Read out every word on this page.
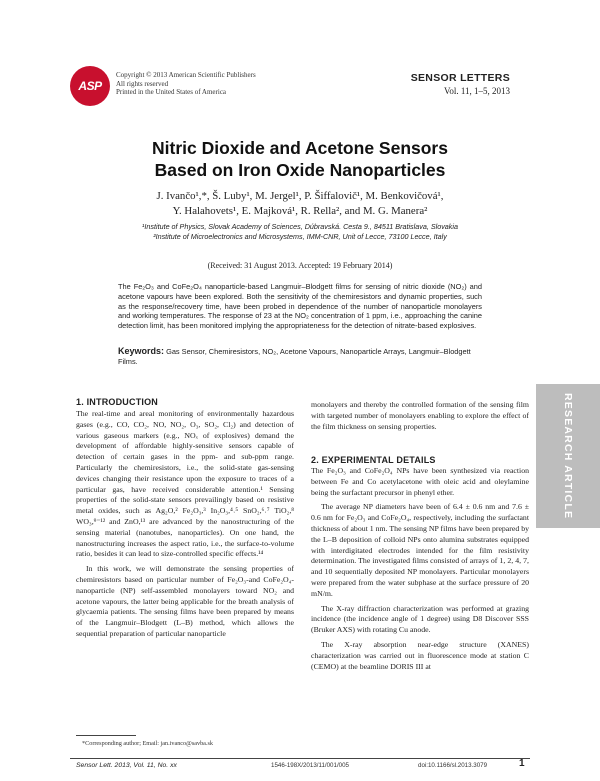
ASP
Copyright © 2013 American Scientific Publishers
All rights reserved
Printed in the United States of America
SENSOR LETTERS
Vol. 11, 1–5, 2013
Nitric Dioxide and Acetone Sensors
Based on Iron Oxide Nanoparticles
J. Ivančo¹,*, Š. Luby¹, M. Jergel¹, P. Šiffalovič¹, M. Benkovičová¹,
Y. Halahovets¹, E. Majková¹, R. Rella², and M. G. Manera²
¹Institute of Physics, Slovak Academy of Sciences, Dúbravská. Cesta 9., 84511 Bratislava, Slovakia
²Institute of Microelectronics and Microsystems, IMM-CNR, Unit of Lecce, 73100 Lecce, Italy
(Received: 31 August 2013. Accepted: 19 February 2014)
The Fe₂O₃ and CoFe₂O₄ nanoparticle-based Langmuir–Blodgett films for sensing of nitric dioxide (NO₂) and acetone vapours have been explored. Both the sensitivity of the chemiresistors and dynamic properties, such as the response/recovery time, have been probed in dependence of the number of nanoparticle monolayers and working temperatures. The response of 23 at the NO₂ concentration of 1 ppm, i.e., approaching the canine detection limit, has been monitored implying the appropriateness for the detection of nitrate-based explosives.
Keywords: Gas Sensor, Chemiresistors, NO₂, Acetone Vapours, Nanoparticle Arrays, Langmuir–Blodgett Films.
1. INTRODUCTION

The real-time and areal monitoring of environmentally hazardous gases (e.g., CO, CO₂, NO, NO₂, O₃, SO₂, Cl₂) and detection of various gaseous markers (e.g., NOₓ of explosives) demand the development of affordable highly-sensitive sensors capable of detection of certain gases in the ppm- and sub-ppm range. Particularly the chemiresistors, i.e., the solid-state gas-sensing devices changing their resistance upon the exposure to traces of a particular gas, have received considerable attention.¹ Sensing properties of the solid-state sensors prevailingly based on resistive metal oxides, such as Ag₂O,² Fe₂O₃,³ In₂O₃,⁴˒⁵ SnO₂,⁶˒⁷ TiO₂,⁸ WO₃,⁹⁻¹² and ZnO,¹³ are advanced by the nanostructuring of the sensing material (nanotubes, nanoparticles). On one hand, the nanostructuring increases the aspect ratio, i.e., the surface-to-volume ratio, besides it can lead to size-controlled specific effects.¹⁴

In this work, we will demonstrate the sensing properties of chemiresistors based on particular number of Fe₂O₃-and CoFe₂O₄-nanoparticle (NP) self-assembled monolayers toward NO₂ and acetone vapours, the latter being applicable for the breath analysis of glycaemia patients. The sensing films have been prepared by means of the Langmuir–Blodgett (L–B) method, which allows the sequential preparation of particular nanoparticle

monolayers and thereby the controlled formation of the sensing film with targeted number of monolayers enabling to explore the effect of the film thickness on sensing properties.

2. EXPERIMENTAL DETAILS

The Fe₂O₃ and CoFe₂O₄ NPs have been synthesized via reaction between Fe and Co acetylacetone with oleic acid and oleylamine being the surfactant precursor in phenyl ether.

The average NP diameters have been of 6.4 ± 0.6 nm and 7.6 ± 0.6 nm for Fe₂O₃ and CoFe₂O₄, respectively, including the surfactant thickness of about 1 nm. The sensing NP films have been prepared by the L–B deposition of colloid NPs onto alumina substrates equipped with interdigitated electrodes intended for the film resistivity determination. The investigated films consisted of arrays of 1, 2, 4, 7, and 10 sequentially deposited NP monolayers. Particular monolayers were prepared from the water subphase at the surface pressure of 20 mN/m.

The X-ray diffraction characterization was performed at grazing incidence (the incidence angle of 1 degree) using D8 Discover SSS (Bruker AXS) with rotating Cu anode.

The X-ray absorption near-edge structure (XANES) characterization was carried out in fluorescence mode at station C (CEMO) at the beamline DORIS III at

*Corresponding author; Email: jan.ivanco@savba.sk
Sensor Lett. 2013, Vol. 11, No. xx	1546-198X/2013/11/001/005	doi:10.1166/sl.2013.3079	1
RESEARCH ARTICLE
